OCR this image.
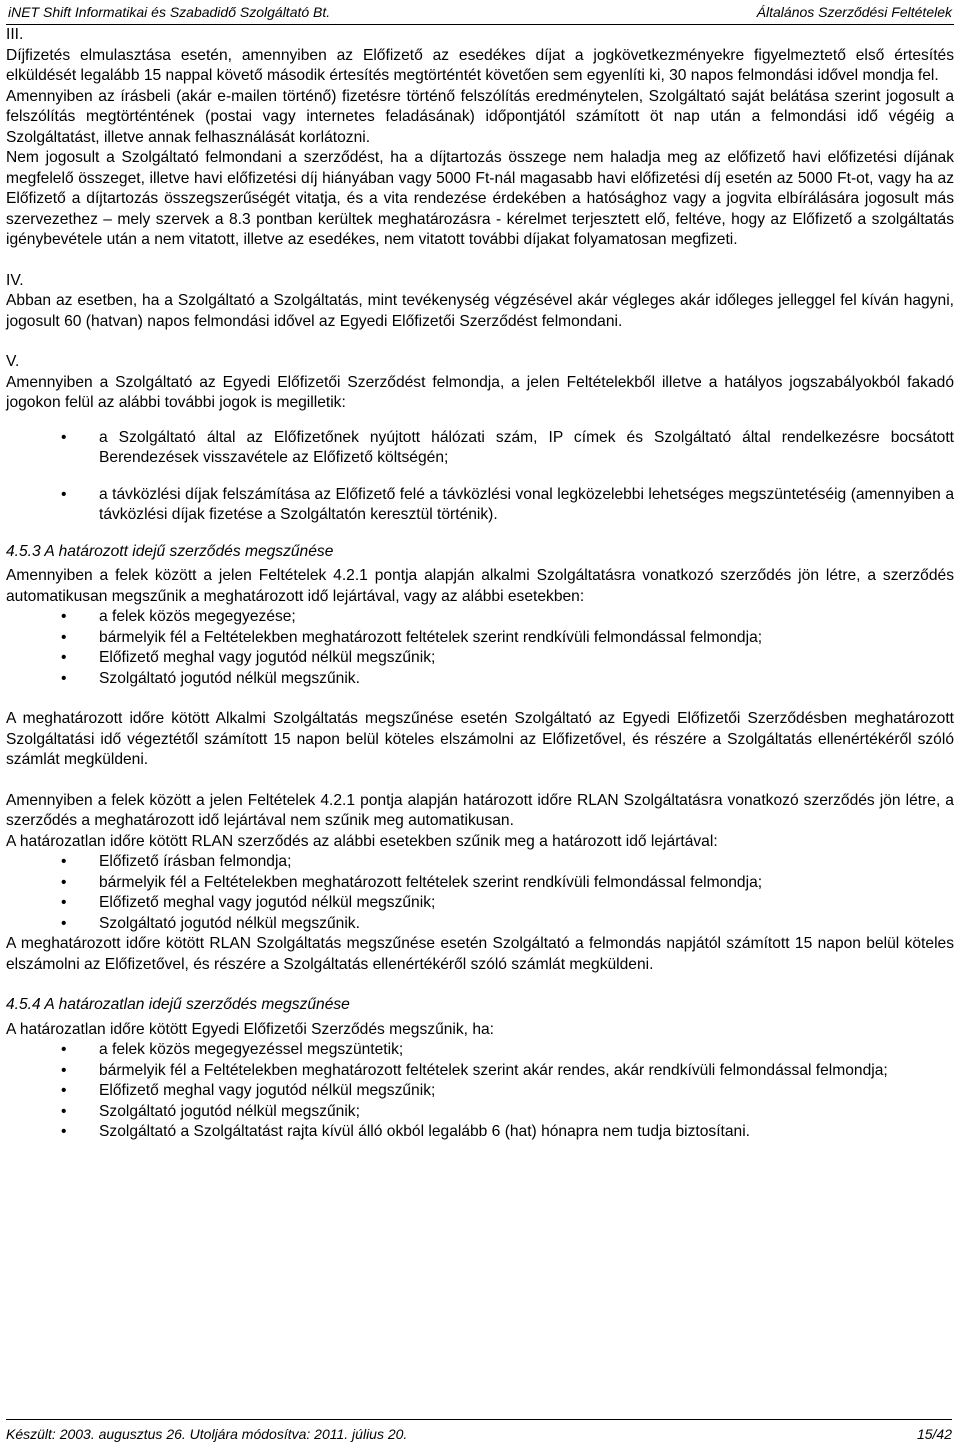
iNET Shift Informatikai és Szabadidő Szolgáltató Bt.	Általános Szerződési Feltételek

III.

Díjfizetés elmulasztása esetén, amennyiben az Előfizető az esedékes díjat a jogkövetkezményekre figyelmeztető első értesítés elküldését legalább 15 nappal követő második értesítés megtörténtét követően sem egyenlíti ki, 30 napos felmondási idővel mondja fel.

Amennyiben az írásbeli (akár e-mailen történő) fizetésre történő felszólítás eredménytelen, Szolgáltató saját belátása szerint jogosult a felszólítás megtörténtének (postai vagy internetes feladásának) időpontjától számított öt nap után a felmondási idő végéig a Szolgáltatást, illetve annak felhasználását korlátozni.

Nem jogosult a Szolgáltató felmondani a szerződést, ha a díjtartozás összege nem haladja meg az előfizető havi előfizetési díjának megfelelő összeget, illetve havi előfizetési díj hiányában vagy 5000 Ft-nál magasabb havi előfizetési díj esetén az 5000 Ft-ot, vagy ha az Előfizető a díjtartozás összegszerűségét vitatja, és a vita rendezése érdekében a hatósághoz vagy a jogvita elbírálására jogosult más szervezethez – mely szervek a 8.3 pontban kerültek meghatározásra - kérelmet terjesztett elő, feltéve, hogy az Előfizető a szolgáltatás igénybevétele után a nem vitatott, illetve az esedékes, nem vitatott további díjakat folyamatosan megfizeti.

IV.

Abban az esetben, ha a Szolgáltató a Szolgáltatás, mint tevékenység végzésével akár végleges akár időleges jelleggel fel kíván hagyni, jogosult 60 (hatvan) napos felmondási idővel az Egyedi Előfizetői Szerződést felmondani.

V.

Amennyiben a Szolgáltató az Egyedi Előfizetői Szerződést felmondja, a jelen Feltételekből illetve a hatályos jogszabályokból fakadó jogokon felül az alábbi további jogok is megilletik:

• a Szolgáltató által az Előfizetőnek nyújtott hálózati szám, IP címek és Szolgáltató által rendelkezésre bocsátott Berendezések visszavétele az Előfizető költségén;
• a távközlési díjak felszámítása az Előfizető felé a távközlési vonal legközelebbi lehetséges megszüntetéséig (amennyiben a távközlési díjak fizetése a Szolgáltatón keresztül történik).

4.5.3 A határozott idejű szerződés megszűnése

Amennyiben a felek között a jelen Feltételek 4.2.1 pontja alapján alkalmi Szolgáltatásra vonatkozó szerződés jön létre, a szerződés automatikusan megszűnik a meghatározott idő lejártával, vagy az alábbi esetekben:

• a felek közös megegyezése;
• bármelyik fél a Feltételekben meghatározott feltételek szerint rendkívüli felmondással felmondja;
• Előfizető meghal vagy jogutód nélkül megszűnik;
• Szolgáltató jogutód nélkül megszűnik.

A meghatározott időre kötött Alkalmi Szolgáltatás megszűnése esetén Szolgáltató az Egyedi Előfizetői Szerződésben meghatározott Szolgáltatási idő végeztétől számított 15 napon belül köteles elszámolni az Előfizetővel, és részére a Szolgáltatás ellenértékéről szóló számlát megküldeni.

Amennyiben a felek között a jelen Feltételek 4.2.1 pontja alapján határozott időre RLAN Szolgáltatásra vonatkozó szerződés jön létre, a szerződés a meghatározott idő lejártával nem szűnik meg automatikusan.

A határozatlan időre kötött RLAN szerződés az alábbi esetekben szűnik meg a határozott idő lejártával:

• Előfizető írásban felmondja;
• bármelyik fél a Feltételekben meghatározott feltételek szerint rendkívüli felmondással felmondja;
• Előfizető meghal vagy jogutód nélkül megszűnik;
• Szolgáltató jogutód nélkül megszűnik.

A meghatározott időre kötött RLAN Szolgáltatás megszűnése esetén Szolgáltató a felmondás napjától számított 15 napon belül köteles elszámolni az Előfizetővel, és részére a Szolgáltatás ellenértékéről szóló számlát megküldeni.

4.5.4 A határozatlan idejű szerződés megszűnése

A határozatlan időre kötött Egyedi Előfizetői Szerződés megszűnik, ha:

• a felek közös megegyezéssel megszüntetik;
• bármelyik fél a Feltételekben meghatározott feltételek szerint akár rendes, akár rendkívüli felmondással felmondja;
• Előfizető meghal vagy jogutód nélkül megszűnik;
• Szolgáltató jogutód nélkül megszűnik;
• Szolgáltató a Szolgáltatást rajta kívül álló okból legalább 6 (hat) hónapra nem tudja biztosítani.
Készült: 2003. augusztus 26. Utoljára módosítva: 2011. július 20.	15/42
